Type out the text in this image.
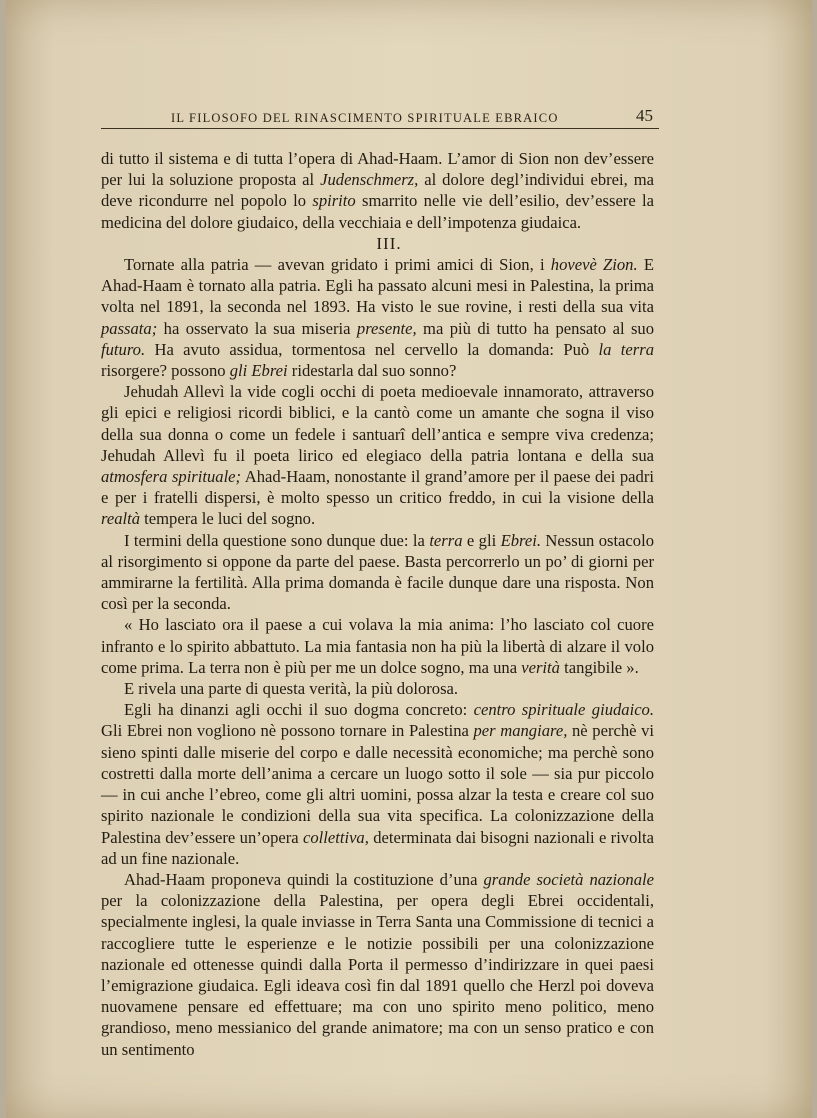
IL FILOSOFO DEL RINASCIMENTO SPIRITUALE EBRAICO	45

di tutto il sistema e di tutta l’opera di Ahad-Haam. L’amor di Sion non dev’essere per lui la soluzione proposta al Judenschmerz, al dolore degl’individui ebrei, ma deve ricondurre nel popolo lo spirito smarrito nelle vie dell’esilio, dev’essere la medicina del dolore giudaico, della vecchiaia e dell’impotenza giudaica.

III.

Tornate alla patria — avevan gridato i primi amici di Sion, i hovevè Zion. E Ahad-Haam è tornato alla patria. Egli ha passato alcuni mesi in Palestina, la prima volta nel 1891, la seconda nel 1893. Ha visto le sue rovine, i resti della sua vita passata; ha osservato la sua miseria presente, ma più di tutto ha pensato al suo futuro. Ha avuto assidua, tormentosa nel cervello la domanda: Può la terra risorgere? possono gli Ebrei ridestarla dal suo sonno?

Jehudah Allevì la vide cogli occhi di poeta medioevale innamorato, attraverso gli epici e religiosi ricordi biblici, e la cantò come un amante che sogna il viso della sua donna o come un fedele i santuarî dell’antica e sempre viva credenza; Jehudah Allevì fu il poeta lirico ed elegiaco della patria lontana e della sua atmosfera spirituale; Ahad-Haam, nonostante il grand’amore per il paese dei padri e per i fratelli dispersi, è molto spesso un critico freddo, in cui la visione della realtà tempera le luci del sogno.

I termini della questione sono dunque due: la terra e gli Ebrei. Nessun ostacolo al risorgimento si oppone da parte del paese. Basta percorrerlo un po’ di giorni per ammirarne la fertilità. Alla prima domanda è facile dunque dare una risposta. Non così per la seconda.

« Ho lasciato ora il paese a cui volava la mia anima: l’ho lasciato col cuore infranto e lo spirito abbattuto. La mia fantasia non ha più la libertà di alzare il volo come prima. La terra non è più per me un dolce sogno, ma una verità tangibile ».

E rivela una parte di questa verità, la più dolorosa.

Egli ha dinanzi agli occhi il suo dogma concreto: centro spirituale giudaico. Gli Ebrei non vogliono nè possono tornare in Palestina per mangiare, nè perchè vi sieno spinti dalle miserie del corpo e dalle necessità economiche; ma perchè sono costretti dalla morte dell’anima a cercare un luogo sotto il sole — sia pur piccolo — in cui anche l’ebreo, come gli altri uomini, possa alzar la testa e creare col suo spirito nazionale le condizioni della sua vita specifica. La colonizzazione della Palestina dev’essere un’opera collettiva, determinata dai bisogni nazionali e rivolta ad un fine nazionale.

Ahad-Haam proponeva quindi la costituzione d’una grande società nazionale per la colonizzazione della Palestina, per opera degli Ebrei occidentali, specialmente inglesi, la quale inviasse in Terra Santa una Commissione di tecnici a raccogliere tutte le esperienze e le notizie possibili per una colonizzazione nazionale ed ottenesse quindi dalla Porta il permesso d’indirizzare in quei paesi l’emigrazione giudaica. Egli ideava così fin dal 1891 quello che Herzl poi doveva nuovamene pensare ed effettuare; ma con uno spirito meno politico, meno grandioso, meno messianico del grande animatore; ma con un senso pratico e con un sentimento
